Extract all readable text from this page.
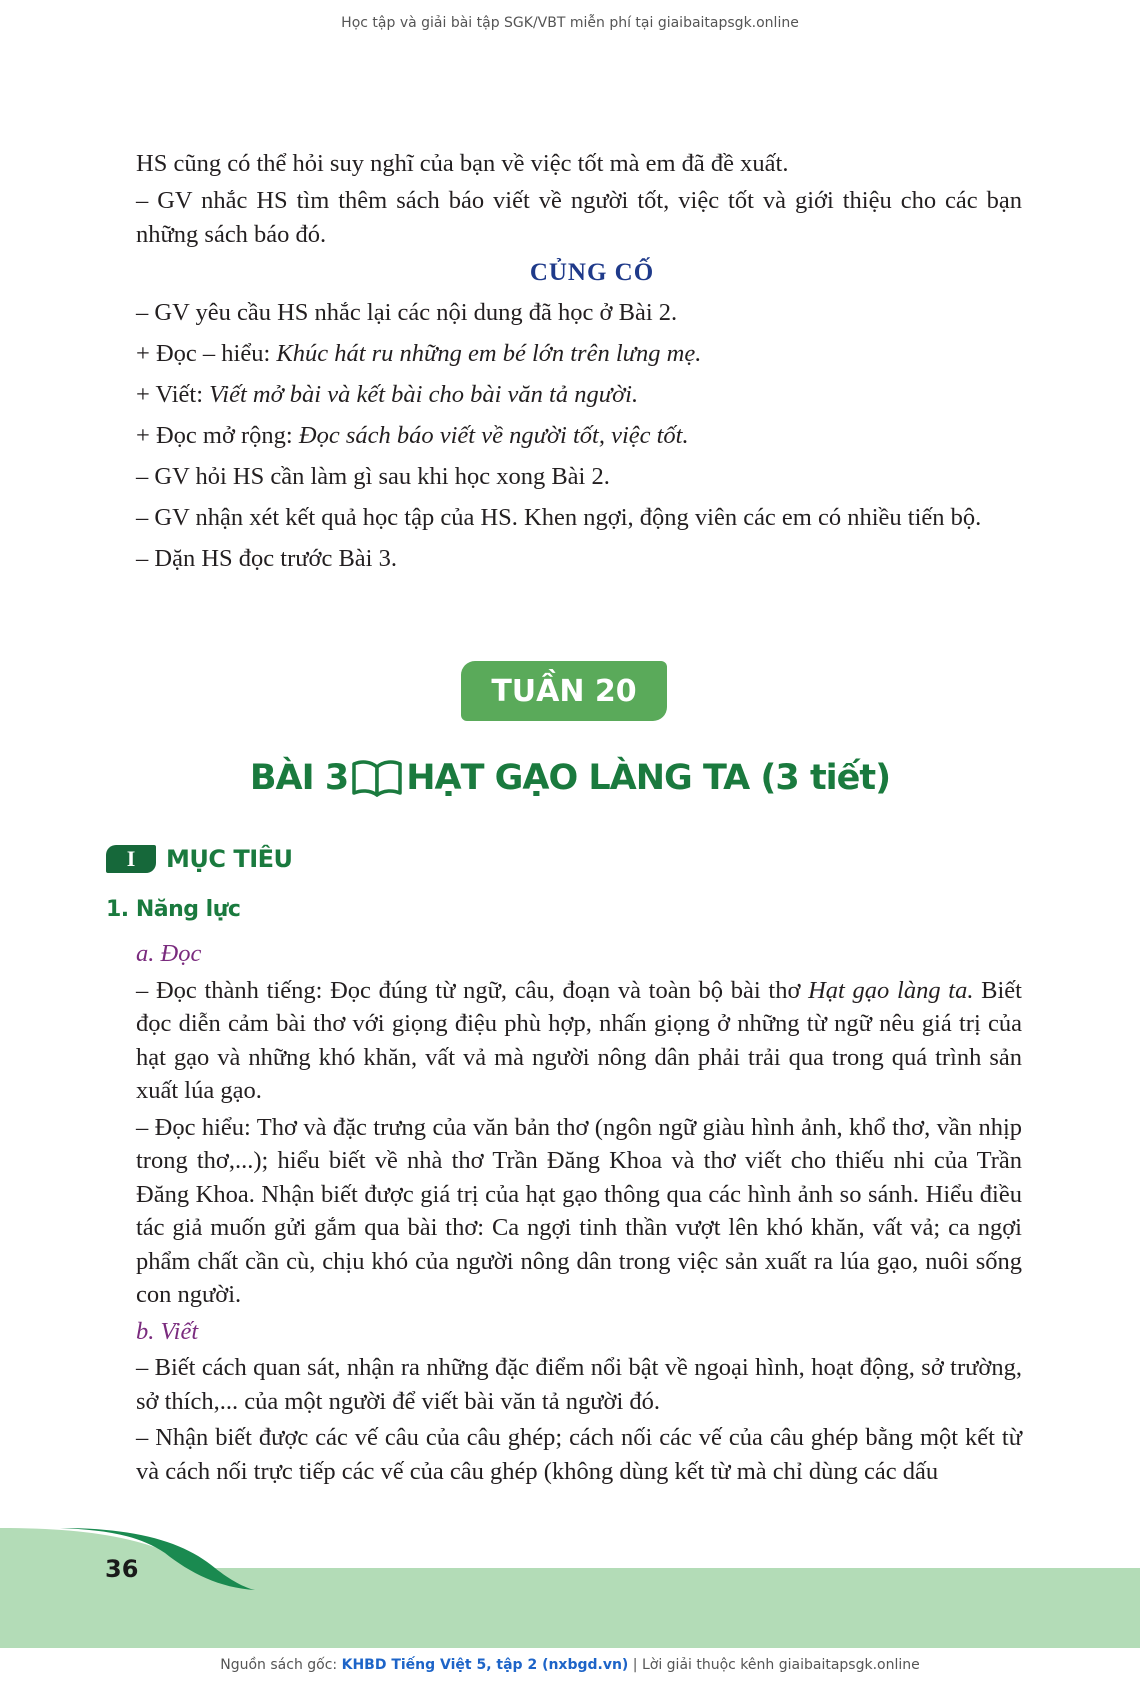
Học tập và giải bài tập SGK/VBT miễn phí tại giaibaitapsgk.online

HS cũng có thể hỏi suy nghĩ của bạn về việc tốt mà em đã đề xuất.

– GV nhắc HS tìm thêm sách báo viết về người tốt, việc tốt và giới thiệu cho các bạn những sách báo đó.

CỦNG CỐ

– GV yêu cầu HS nhắc lại các nội dung đã học ở Bài 2.

+ Đọc – hiểu: Khúc hát ru những em bé lớn trên lưng mẹ.

+ Viết: Viết mở bài và kết bài cho bài văn tả người.

+ Đọc mở rộng: Đọc sách báo viết về người tốt, việc tốt.

– GV hỏi HS cần làm gì sau khi học xong Bài 2.

– GV nhận xét kết quả học tập của HS. Khen ngợi, động viên các em có nhiều tiến bộ.

– Dặn HS đọc trước Bài 3.

TUẦN 20
BÀI 3 HẠT GẠO LÀNG TA (3 tiết)
I	MỤC TIÊU
1. Năng lực

a. Đọc

– Đọc thành tiếng: Đọc đúng từ ngữ, câu, đoạn và toàn bộ bài thơ Hạt gạo làng ta. Biết đọc diễn cảm bài thơ với giọng điệu phù hợp, nhấn giọng ở những từ ngữ nêu giá trị của hạt gạo và những khó khăn, vất vả mà người nông dân phải trải qua trong quá trình sản xuất lúa gạo.

– Đọc hiểu: Thơ và đặc trưng của văn bản thơ (ngôn ngữ giàu hình ảnh, khổ thơ, vần nhịp trong thơ,...); hiểu biết về nhà thơ Trần Đăng Khoa và thơ viết cho thiếu nhi của Trần Đăng Khoa. Nhận biết được giá trị của hạt gạo thông qua các hình ảnh so sánh. Hiểu điều tác giả muốn gửi gắm qua bài thơ: Ca ngợi tinh thần vượt lên khó khăn, vất vả; ca ngợi phẩm chất cần cù, chịu khó của người nông dân trong việc sản xuất ra lúa gạo, nuôi sống con người.

b. Viết

– Biết cách quan sát, nhận ra những đặc điểm nổi bật về ngoại hình, hoạt động, sở trường, sở thích,... của một người để viết bài văn tả người đó.

– Nhận biết được các vế câu của câu ghép; cách nối các vế của câu ghép bằng một kết từ và cách nối trực tiếp các vế của câu ghép (không dùng kết từ mà chỉ dùng các dấu

36
Nguồn sách gốc: KHBD Tiếng Việt 5, tập 2 (nxbgd.vn) | Lời giải thuộc kênh giaibaitapsgk.online
